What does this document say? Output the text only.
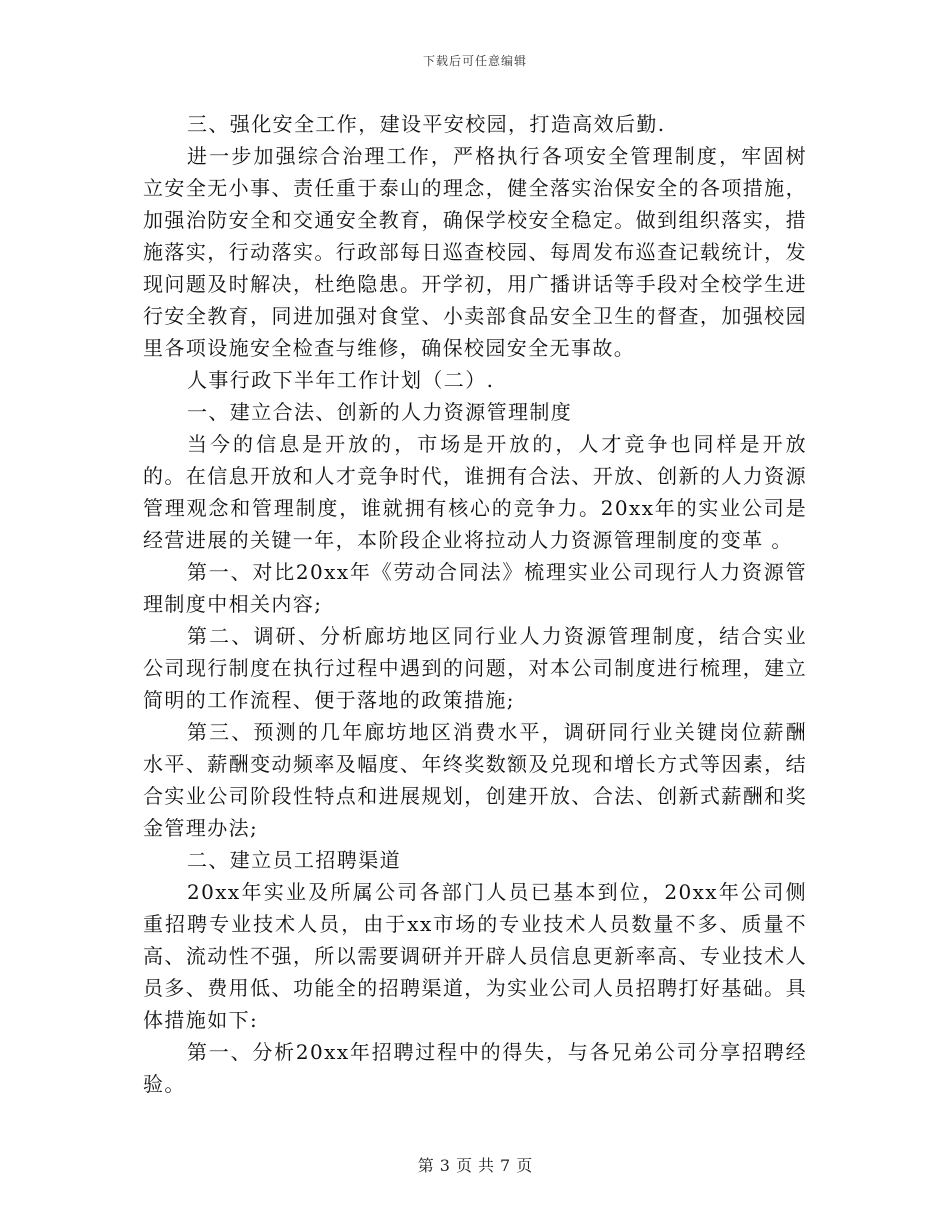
下载后可任意编辑

三、强化安全工作，建设平安校园，打造高效后勤.

进一步加强综合治理工作，严格执行各项安全管理制度，牢固树立安全无小事、责任重于泰山的理念，健全落实治保安全的各项措施，加强治防安全和交通安全教育，确保学校安全稳定。做到组织落实，措施落实，行动落实。行政部每日巡查校园、每周发布巡查记载统计，发现问题及时解决，杜绝隐患。开学初，用广播讲话等手段对全校学生进行安全教育，同进加强对食堂、小卖部食品安全卫生的督查，加强校园里各项设施安全检查与维修，确保校园安全无事故。

人事行政下半年工作计划（二）.

一、建立合法、创新的人力资源管理制度

当今的信息是开放的，市场是开放的，人才竞争也同样是开放的。在信息开放和人才竞争时代，谁拥有合法、开放、创新的人力资源管理观念和管理制度，谁就拥有核心的竞争力。20xx年的实业公司是经营进展的关键一年，本阶段企业将拉动人力资源管理制度的变革 。

第一、对比20xx年《劳动合同法》梳理实业公司现行人力资源管理制度中相关内容;

第二、调研、分析廊坊地区同行业人力资源管理制度，结合实业公司现行制度在执行过程中遇到的问题，对本公司制度进行梳理，建立简明的工作流程、便于落地的政策措施;

第三、预测的几年廊坊地区消费水平，调研同行业关键岗位薪酬水平、薪酬变动频率及幅度、年终奖数额及兑现和增长方式等因素，结合实业公司阶段性特点和进展规划，创建开放、合法、创新式薪酬和奖金管理办法;

二、建立员工招聘渠道

20xx年实业及所属公司各部门人员已基本到位，20xx年公司侧重招聘专业技术人员，由于xx市场的专业技术人员数量不多、质量不高、流动性不强，所以需要调研并开辟人员信息更新率高、专业技术人员多、费用低、功能全的招聘渠道，为实业公司人员招聘打好基础。具体措施如下:

第一、分析20xx年招聘过程中的得失，与各兄弟公司分享招聘经验。

第 3 页 共 7 页
